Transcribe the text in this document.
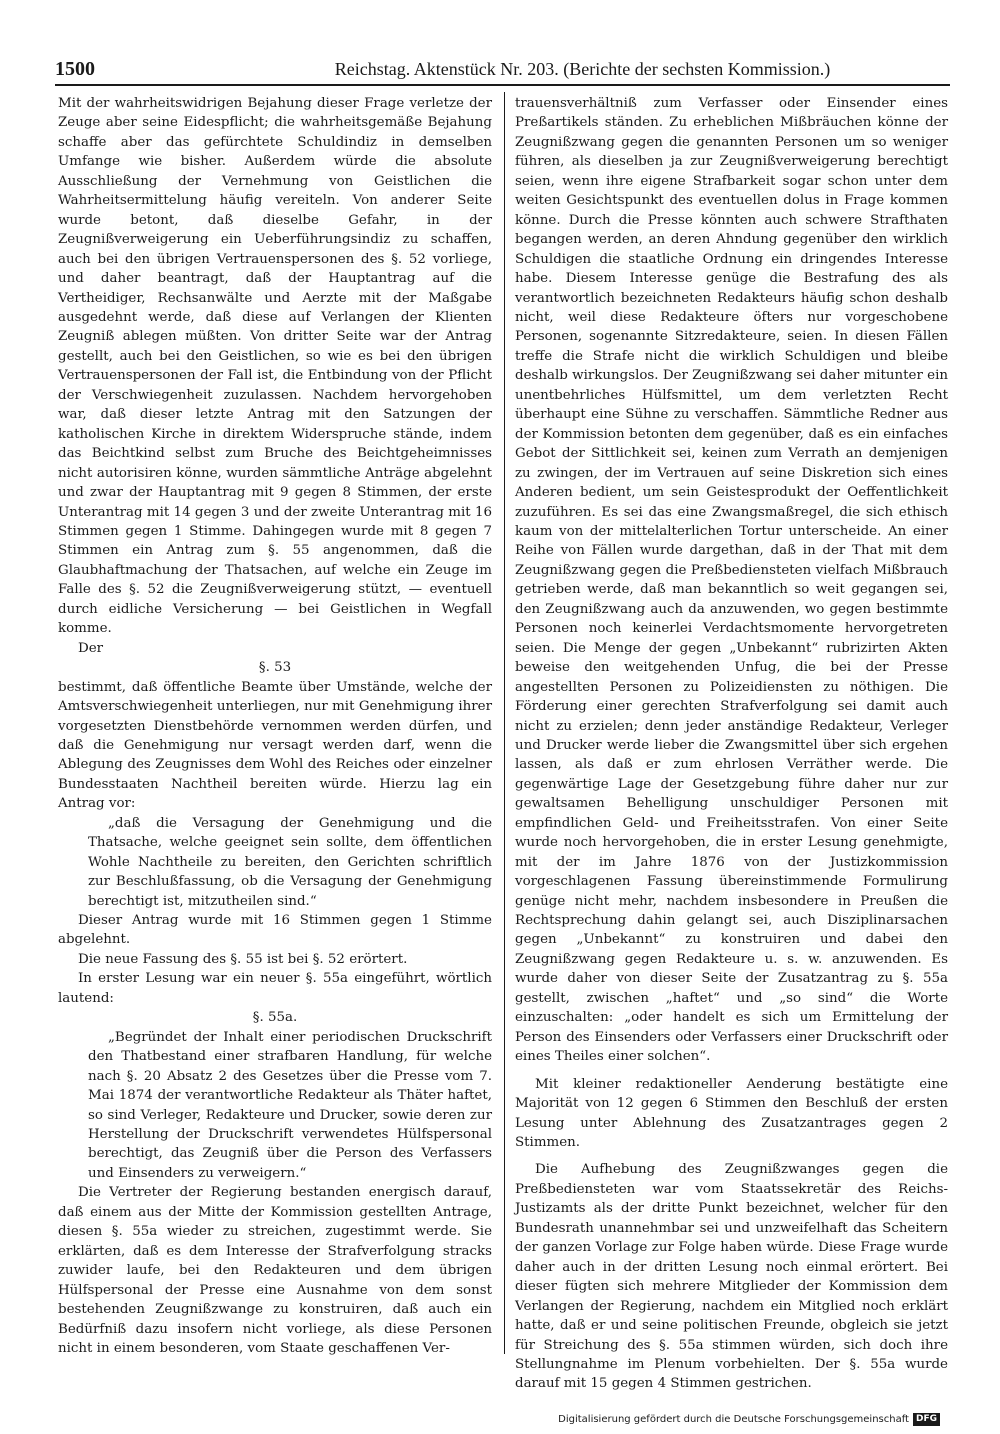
1500	Reichstag. Aktenstück Nr. 203. (Berichte der sechsten Kommission.)

Mit der wahrheitswidrigen Bejahung dieser Frage verletze der Zeuge aber seine Eidespflicht; die wahrheitsgemäße Bejahung schaffe aber das gefürchtete Schuldindiz in demselben Umfange wie bisher. Außerdem würde die absolute Ausschließung der Vernehmung von Geistlichen die Wahrheitsermittelung häufig vereiteln. Von anderer Seite wurde betont, daß dieselbe Gefahr, in der Zeugnißverweigerung ein Ueberführungsindiz zu schaffen, auch bei den übrigen Vertrauenspersonen des §. 52 vorliege, und daher beantragt, daß der Hauptantrag auf die Vertheidiger, Rechsanwälte und Aerzte mit der Maßgabe ausgedehnt werde, daß diese auf Verlangen der Klienten Zeugniß ablegen müßten. Von dritter Seite war der Antrag gestellt, auch bei den Geistlichen, so wie es bei den übrigen Vertrauenspersonen der Fall ist, die Entbindung von der Pflicht der Verschwiegenheit zuzulassen. Nachdem hervorgehoben war, daß dieser letzte Antrag mit den Satzungen der katholischen Kirche in direktem Widerspruche stände, indem das Beichtkind selbst zum Bruche des Beichtgeheimnisses nicht autorisiren könne, wurden sämmtliche Anträge abgelehnt und zwar der Hauptantrag mit 9 gegen 8 Stimmen, der erste Unterantrag mit 14 gegen 3 und der zweite Unterantrag mit 16 Stimmen gegen 1 Stimme. Dahingegen wurde mit 8 gegen 7 Stimmen ein Antrag zum §. 55 angenommen, daß die Glaubhaftmachung der Thatsachen, auf welche ein Zeuge im Falle des §. 52 die Zeugnißverweigerung stützt, — eventuell durch eidliche Versicherung — bei Geistlichen in Wegfall komme.

Der

§. 53

bestimmt, daß öffentliche Beamte über Umstände, welche der Amtsverschwiegenheit unterliegen, nur mit Genehmigung ihrer vorgesetzten Dienstbehörde vernommen werden dürfen, und daß die Genehmigung nur versagt werden darf, wenn die Ablegung des Zeugnisses dem Wohl des Reiches oder einzelner Bundesstaaten Nachtheil bereiten würde. Hierzu lag ein Antrag vor:

„daß die Versagung der Genehmigung und die Thatsache, welche geeignet sein sollte, dem öffentlichen Wohle Nachtheile zu bereiten, den Gerichten schriftlich zur Beschlußfassung, ob die Versagung der Genehmigung berechtigt ist, mitzutheilen sind.“

Dieser Antrag wurde mit 16 Stimmen gegen 1 Stimme abgelehnt.

Die neue Fassung des §. 55 ist bei §. 52 erörtert.

In erster Lesung war ein neuer §. 55a eingeführt, wörtlich lautend:

§. 55a.

„Begründet der Inhalt einer periodischen Druckschrift den Thatbestand einer strafbaren Handlung, für welche nach §. 20 Absatz 2 des Gesetzes über die Presse vom 7. Mai 1874 der verantwortliche Redakteur als Thäter haftet, so sind Verleger, Redakteure und Drucker, sowie deren zur Herstellung der Druckschrift verwendetes Hülfspersonal berechtigt, das Zeugniß über die Person des Verfassers und Einsenders zu verweigern.“

Die Vertreter der Regierung bestanden energisch darauf, daß einem aus der Mitte der Kommission gestellten Antrage, diesen §. 55a wieder zu streichen, zugestimmt werde. Sie erklärten, daß es dem Interesse der Strafverfolgung stracks zuwider laufe, bei den Redakteuren und dem übrigen Hülfspersonal der Presse eine Ausnahme von dem sonst bestehenden Zeugnißzwange zu konstruiren, daß auch ein Bedürfniß dazu insofern nicht vorliege, als diese Personen nicht in einem besonderen, vom Staate geschaffenen Ver-

trauensverhältniß zum Verfasser oder Einsender eines Preßartikels ständen. Zu erheblichen Mißbräuchen könne der Zeugnißzwang gegen die genannten Personen um so weniger führen, als dieselben ja zur Zeugnißverweigerung berechtigt seien, wenn ihre eigene Strafbarkeit sogar schon unter dem weiten Gesichtspunkt des eventuellen dolus in Frage kommen könne. Durch die Presse könnten auch schwere Strafthaten begangen werden, an deren Ahndung gegenüber den wirklich Schuldigen die staatliche Ordnung ein dringendes Interesse habe. Diesem Interesse genüge die Bestrafung des als verantwortlich bezeichneten Redakteurs häufig schon deshalb nicht, weil diese Redakteure öfters nur vorgeschobene Personen, sogenannte Sitzredakteure, seien. In diesen Fällen treffe die Strafe nicht die wirklich Schuldigen und bleibe deshalb wirkungslos. Der Zeugnißzwang sei daher mitunter ein unentbehrliches Hülfsmittel, um dem verletzten Recht überhaupt eine Sühne zu verschaffen. Sämmtliche Redner aus der Kommission betonten dem gegenüber, daß es ein einfaches Gebot der Sittlichkeit sei, keinen zum Verrath an demjenigen zu zwingen, der im Vertrauen auf seine Diskretion sich eines Anderen bedient, um sein Geistesprodukt der Oeffentlichkeit zuzuführen. Es sei das eine Zwangsmaßregel, die sich ethisch kaum von der mittelalterlichen Tortur unterscheide. An einer Reihe von Fällen wurde dargethan, daß in der That mit dem Zeugnißzwang gegen die Preßbediensteten vielfach Mißbrauch getrieben werde, daß man bekanntlich so weit gegangen sei, den Zeugnißzwang auch da anzuwenden, wo gegen bestimmte Personen noch keinerlei Verdachtsmomente hervorgetreten seien. Die Menge der gegen „Unbekannt“ rubrizirten Akten beweise den weitgehenden Unfug, die bei der Presse angestellten Personen zu Polizeidiensten zu nöthigen. Die Förderung einer gerechten Strafverfolgung sei damit auch nicht zu erzielen; denn jeder anständige Redakteur, Verleger und Drucker werde lieber die Zwangsmittel über sich ergehen lassen, als daß er zum ehrlosen Verräther werde. Die gegenwärtige Lage der Gesetzgebung führe daher nur zur gewaltsamen Behelligung unschuldiger Personen mit empfindlichen Geld- und Freiheitsstrafen. Von einer Seite wurde noch hervorgehoben, die in erster Lesung genehmigte, mit der im Jahre 1876 von der Justizkommission vorgeschlagenen Fassung übereinstimmende Formulirung genüge nicht mehr, nachdem insbesondere in Preußen die Rechtsprechung dahin gelangt sei, auch Disziplinarsachen gegen „Unbekannt“ zu konstruiren und dabei den Zeugnißzwang gegen Redakteure u. s. w. anzuwenden. Es wurde daher von dieser Seite der Zusatzantrag zu §. 55a gestellt, zwischen „haftet“ und „so sind“ die Worte einzuschalten: „oder handelt es sich um Ermittelung der Person des Einsenders oder Verfassers einer Druckschrift oder eines Theiles einer solchen“.

Mit kleiner redaktioneller Aenderung bestätigte eine Majorität von 12 gegen 6 Stimmen den Beschluß der ersten Lesung unter Ablehnung des Zusatzantrages gegen 2 Stimmen.

Die Aufhebung des Zeugnißzwanges gegen die Preßbediensteten war vom Staatssekretär des Reichs-Justizamts als der dritte Punkt bezeichnet, welcher für den Bundesrath unannehmbar sei und unzweifelhaft das Scheitern der ganzen Vorlage zur Folge haben würde. Diese Frage wurde daher auch in der dritten Lesung noch einmal erörtert. Bei dieser fügten sich mehrere Mitglieder der Kommission dem Verlangen der Regierung, nachdem ein Mitglied noch erklärt hatte, daß er und seine politischen Freunde, obgleich sie jetzt für Streichung des §. 55a stimmen würden, sich doch ihre Stellungnahme im Plenum vorbehielten. Der §. 55a wurde darauf mit 15 gegen 4 Stimmen gestrichen.

Digitalisierung gefördert durch die Deutsche Forschungsgemeinschaft DFG
